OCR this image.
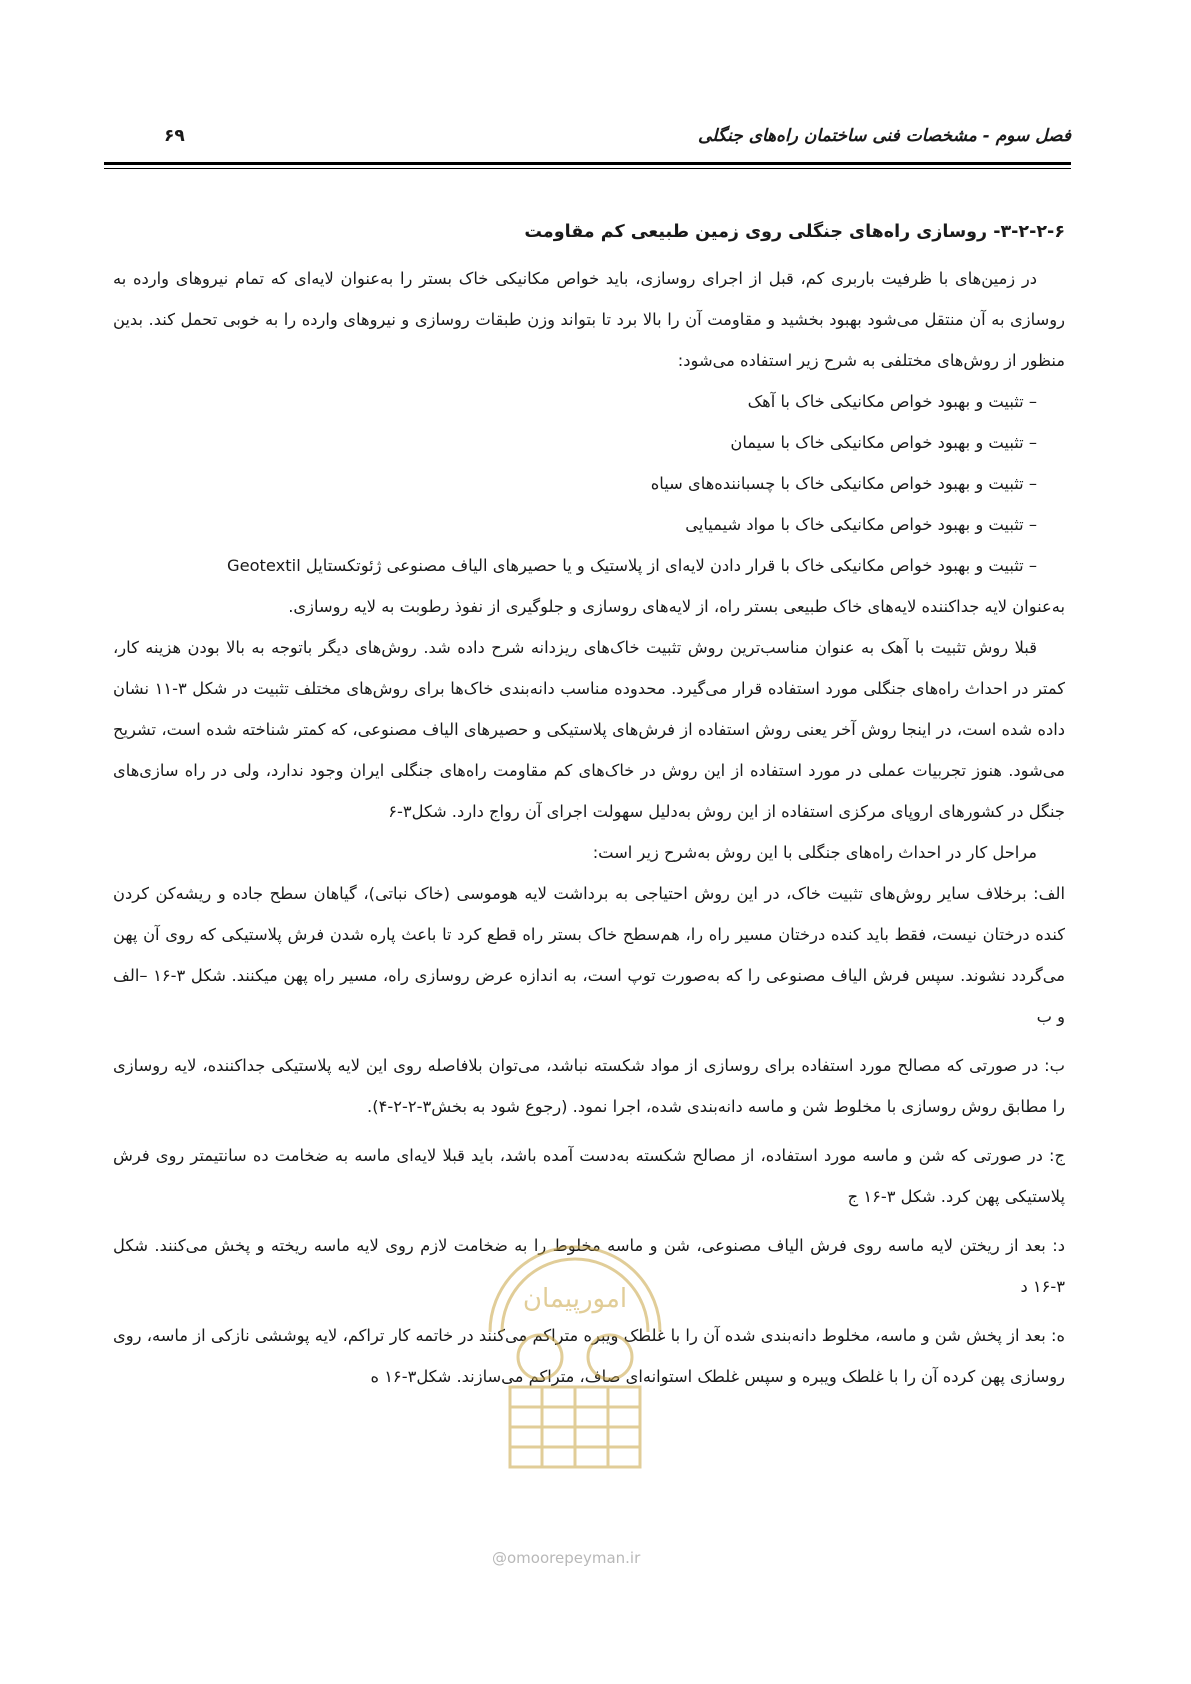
فصل سوم - مشخصات فنی ساختمان راه‌های جنگلی
۶۹
۳-۲-۲-۶- روسازی راه‌های جنگلی روی زمین طبیعی کم مقاومت

در زمین‌های با ظرفیت باربری کم، قبل از اجرای روسازی، باید خواص مکانیکی خاک بستر را به‌عنوان لایه‌ای که تمام نیروهای وارده به روسازی به آن منتقل می‌شود بهبود بخشید و مقاومت آن را بالا برد تا بتواند وزن طبقات روسازی و نیروهای وارده را به خوبی تحمل کند. بدین منظور از روش‌های مختلفی به شرح زیر استفاده می‌شود:

– تثبیت و بهبود خواص مکانیکی خاک با آهک

– تثبیت و بهبود خواص مکانیکی خاک با سیمان

– تثبیت و بهبود خواص مکانیکی خاک با چسباننده‌های سیاه

– تثبیت و بهبود خواص مکانیکی خاک با مواد شیمیایی

– تثبیت و بهبود خواص مکانیکی خاک با قرار دادن لایه‌ای از پلاستیک و یا حصیرهای الیاف مصنوعی ژئوتکستایل Geotextil

به‌عنوان لایه جداکننده لایه‌های خاک طبیعی بستر راه، از لایه‌های روسازی و جلوگیری از نفوذ رطوبت به لایه روسازی.

قبلا روش تثبیت با آهک به عنوان مناسب‌ترین روش تثبیت خاک‌های ریزدانه شرح داده شد. روش‌های دیگر باتوجه به بالا بودن هزینه کار، کمتر در احداث راه‌های جنگلی مورد استفاده قرار می‌گیرد. محدوده مناسب دانه‌بندی خاک‌ها برای روش‌های مختلف تثبیت در شکل ۳-۱۱ نشان داده شده است، در اینجا روش آخر یعنی روش استفاده از فرش‌های پلاستیکی و حصیرهای الیاف مصنوعی، که کمتر شناخته شده است، تشریح می‌شود. هنوز تجربیات عملی در مورد استفاده از این روش در خاک‌های کم مقاومت راه‌های جنگلی ایران وجود ندارد، ولی در راه سازی‌های جنگل در کشورهای اروپای مرکزی استفاده از این روش به‌دلیل سهولت اجرای آن رواج دارد. شکل۳-۶

مراحل کار در احداث راه‌های جنگلی با این روش به‌شرح زیر است:

الف: برخلاف سایر روش‌های تثبیت خاک، در این روش احتیاجی به برداشت لایه هوموسی (خاک نباتی)، گیاهان سطح جاده و ریشه‌کن کردن کنده درختان نیست، فقط باید کنده درختان مسیر راه را، هم‌سطح خاک بستر راه قطع کرد تا باعث پاره شدن فرش پلاستیکی که روی آن پهن می‌گردد نشوند. سپس فرش الیاف مصنوعی را که به‌صورت توپ است، به اندازه عرض روسازی راه، مسیر راه پهن میکنند. شکل ۳-۱۶ –الف و ب

ب: در صورتی که مصالح مورد استفاده برای روسازی از مواد شکسته نباشد، می‌توان بلافاصله روی این لایه پلاستیکی جداکننده، لایه روسازی را مطابق روش روسازی با مخلوط شن و ماسه دانه‌بندی شده، اجرا نمود. (رجوع شود به بخش۳-۲-۲-۴).

ج: در صورتی که شن و ماسه مورد استفاده، از مصالح شکسته به‌دست آمده باشد، باید قبلا لایه‌ای ماسه به ضخامت ده سانتیمتر روی فرش پلاستیکی پهن کرد. شکل ۳-۱۶ ج

د: بعد از ریختن لایه ماسه روی فرش الیاف مصنوعی، شن و ماسه مخلوط را به ضخامت لازم روی لایه ماسه ریخته و پخش می‌کنند. شکل ۳-۱۶ د

ه: بعد از پخش شن و ماسه، مخلوط دانه‌بندی شده آن را با غلطک ویبره متراکم می‌کنند در خاتمه کار تراکم، لایه پوششی نازکی از ماسه، روی روسازی پهن کرده آن را با غلطک ویبره و سپس غلطک استوانه‌ای صاف، متراکم می‌سازند. شکل۳-۱۶ ه

امورپیمان
@omoorepeyman.ir
